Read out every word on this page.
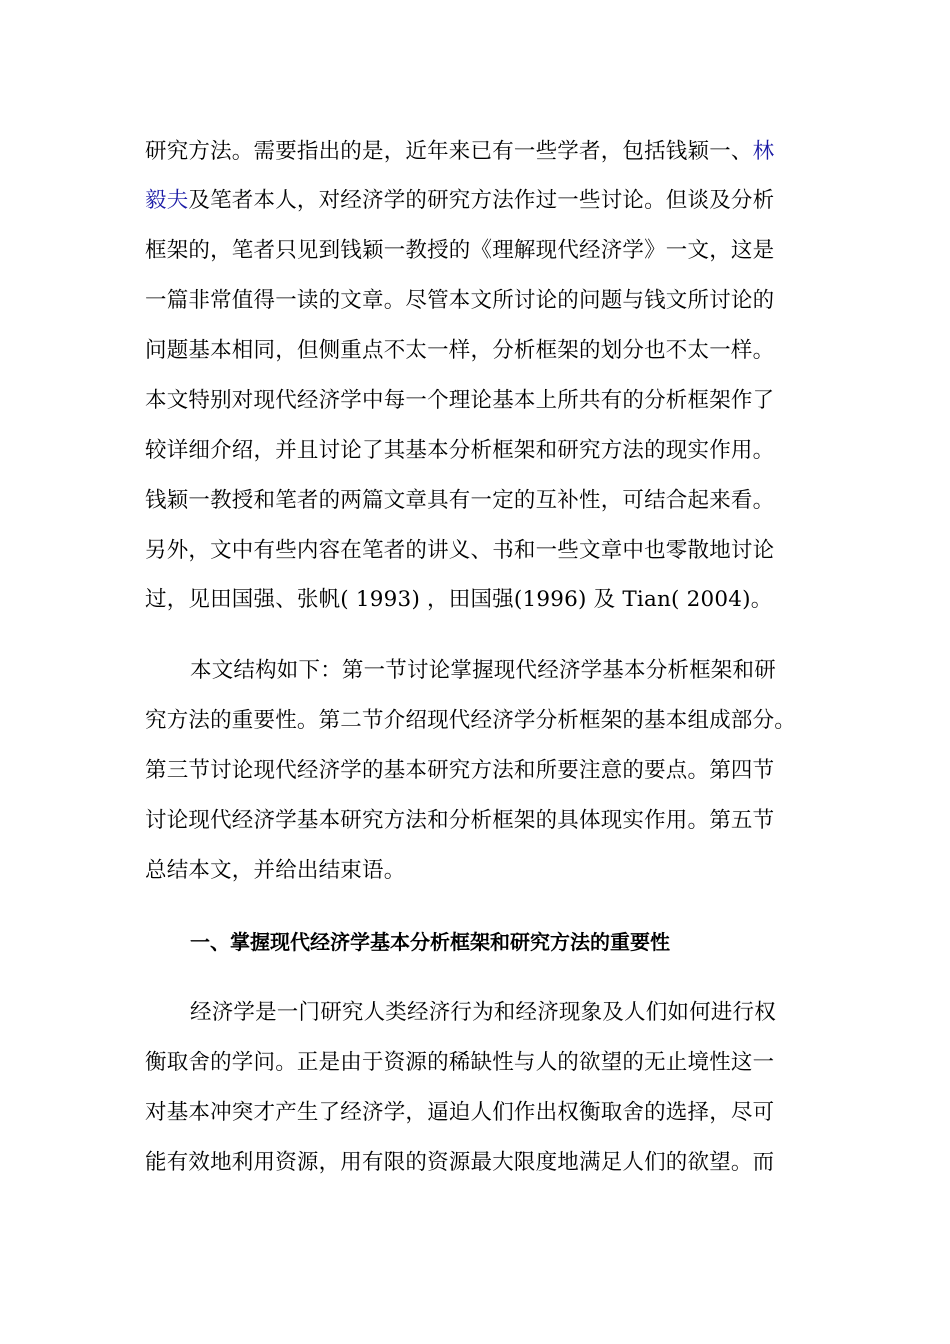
研究方法。需要指出的是，近年来已有一些学者，包括钱颖一、林
毅夫及笔者本人，对经济学的研究方法作过一些讨论。但谈及分析
框架的，笔者只见到钱颖一教授的《理解现代经济学》一文，这是
一篇非常值得一读的文章。尽管本文所讨论的问题与钱文所讨论的
问题基本相同，但侧重点不太一样，分析框架的划分也不太一样。
本文特别对现代经济学中每一个理论基本上所共有的分析框架作了
较详细介绍，并且讨论了其基本分析框架和研究方法的现实作用。
钱颖一教授和笔者的两篇文章具有一定的互补性，可结合起来看。
另外，文中有些内容在笔者的讲义、书和一些文章中也零散地讨论
过，见田国强、张帆( 1993) ，田国强(1996) 及 Tian( 2004)。
本文结构如下：第一节讨论掌握现代经济学基本分析框架和研
究方法的重要性。第二节介绍现代经济学分析框架的基本组成部分。
第三节讨论现代经济学的基本研究方法和所要注意的要点。第四节
讨论现代经济学基本研究方法和分析框架的具体现实作用。第五节
总结本文，并给出结束语。
一、掌握现代经济学基本分析框架和研究方法的重要性
经济学是一门研究人类经济行为和经济现象及人们如何进行权
衡取舍的学问。正是由于资源的稀缺性与人的欲望的无止境性这一
对基本冲突才产生了经济学，逼迫人们作出权衡取舍的选择，尽可
能有效地利用资源，用有限的资源最大限度地满足人们的欲望。而
